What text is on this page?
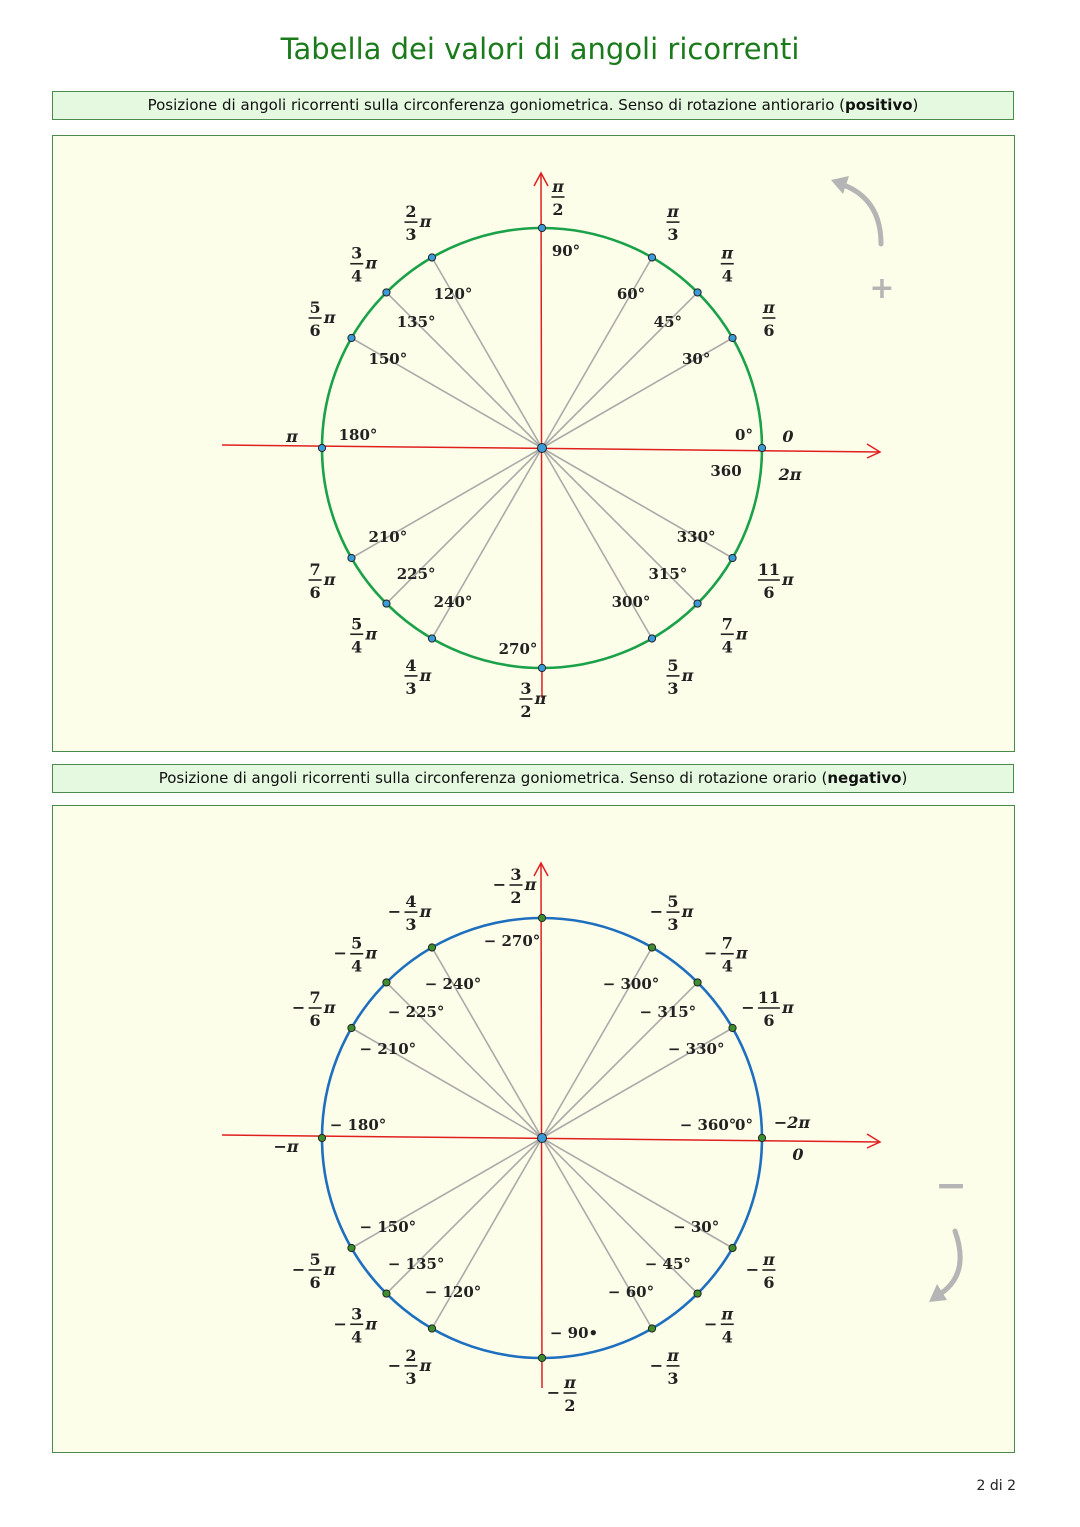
Tabella dei valori di angoli ricorrenti
Posizione di angoli ricorrenti sulla circonferenza goniometrica. Senso di rotazione antiorario (positivo)
0° 0
30°
π
6
45°
π
4
60°
π
3
90°
π
2
120°
2
3
π
135°
3
4
π
150°
5
6
π
180°
π
210°
7
6
π	225°
5
4
π
240°
4
3
π
270°
3
2
π
300°
5
3
π
315°
7
4
π
330°
11
6
π
360 2π
+
Posizione di angoli ricorrenti sulla circonferenza goniometrica. Senso di rotazione orario (negativo)
0°
0
− 30°
−
π
6
− 45°
−
π
4
− 60°
−
π
3
− 90•
−
π
2
− 120°
−
2
3
π
− 135°
−
3
4
π
− 150°
−
5
6
π
− 180°
−π
− 210°
−
7
6
π	− 225°
−
5
4
π
− 240°
−
4
3
π
− 270°
−
3
2
π
− 300°
−
5
3
π
− 315°
−
7
4
π
− 330°
−
11
6
π
− 360° −2π
−
2 di 2
